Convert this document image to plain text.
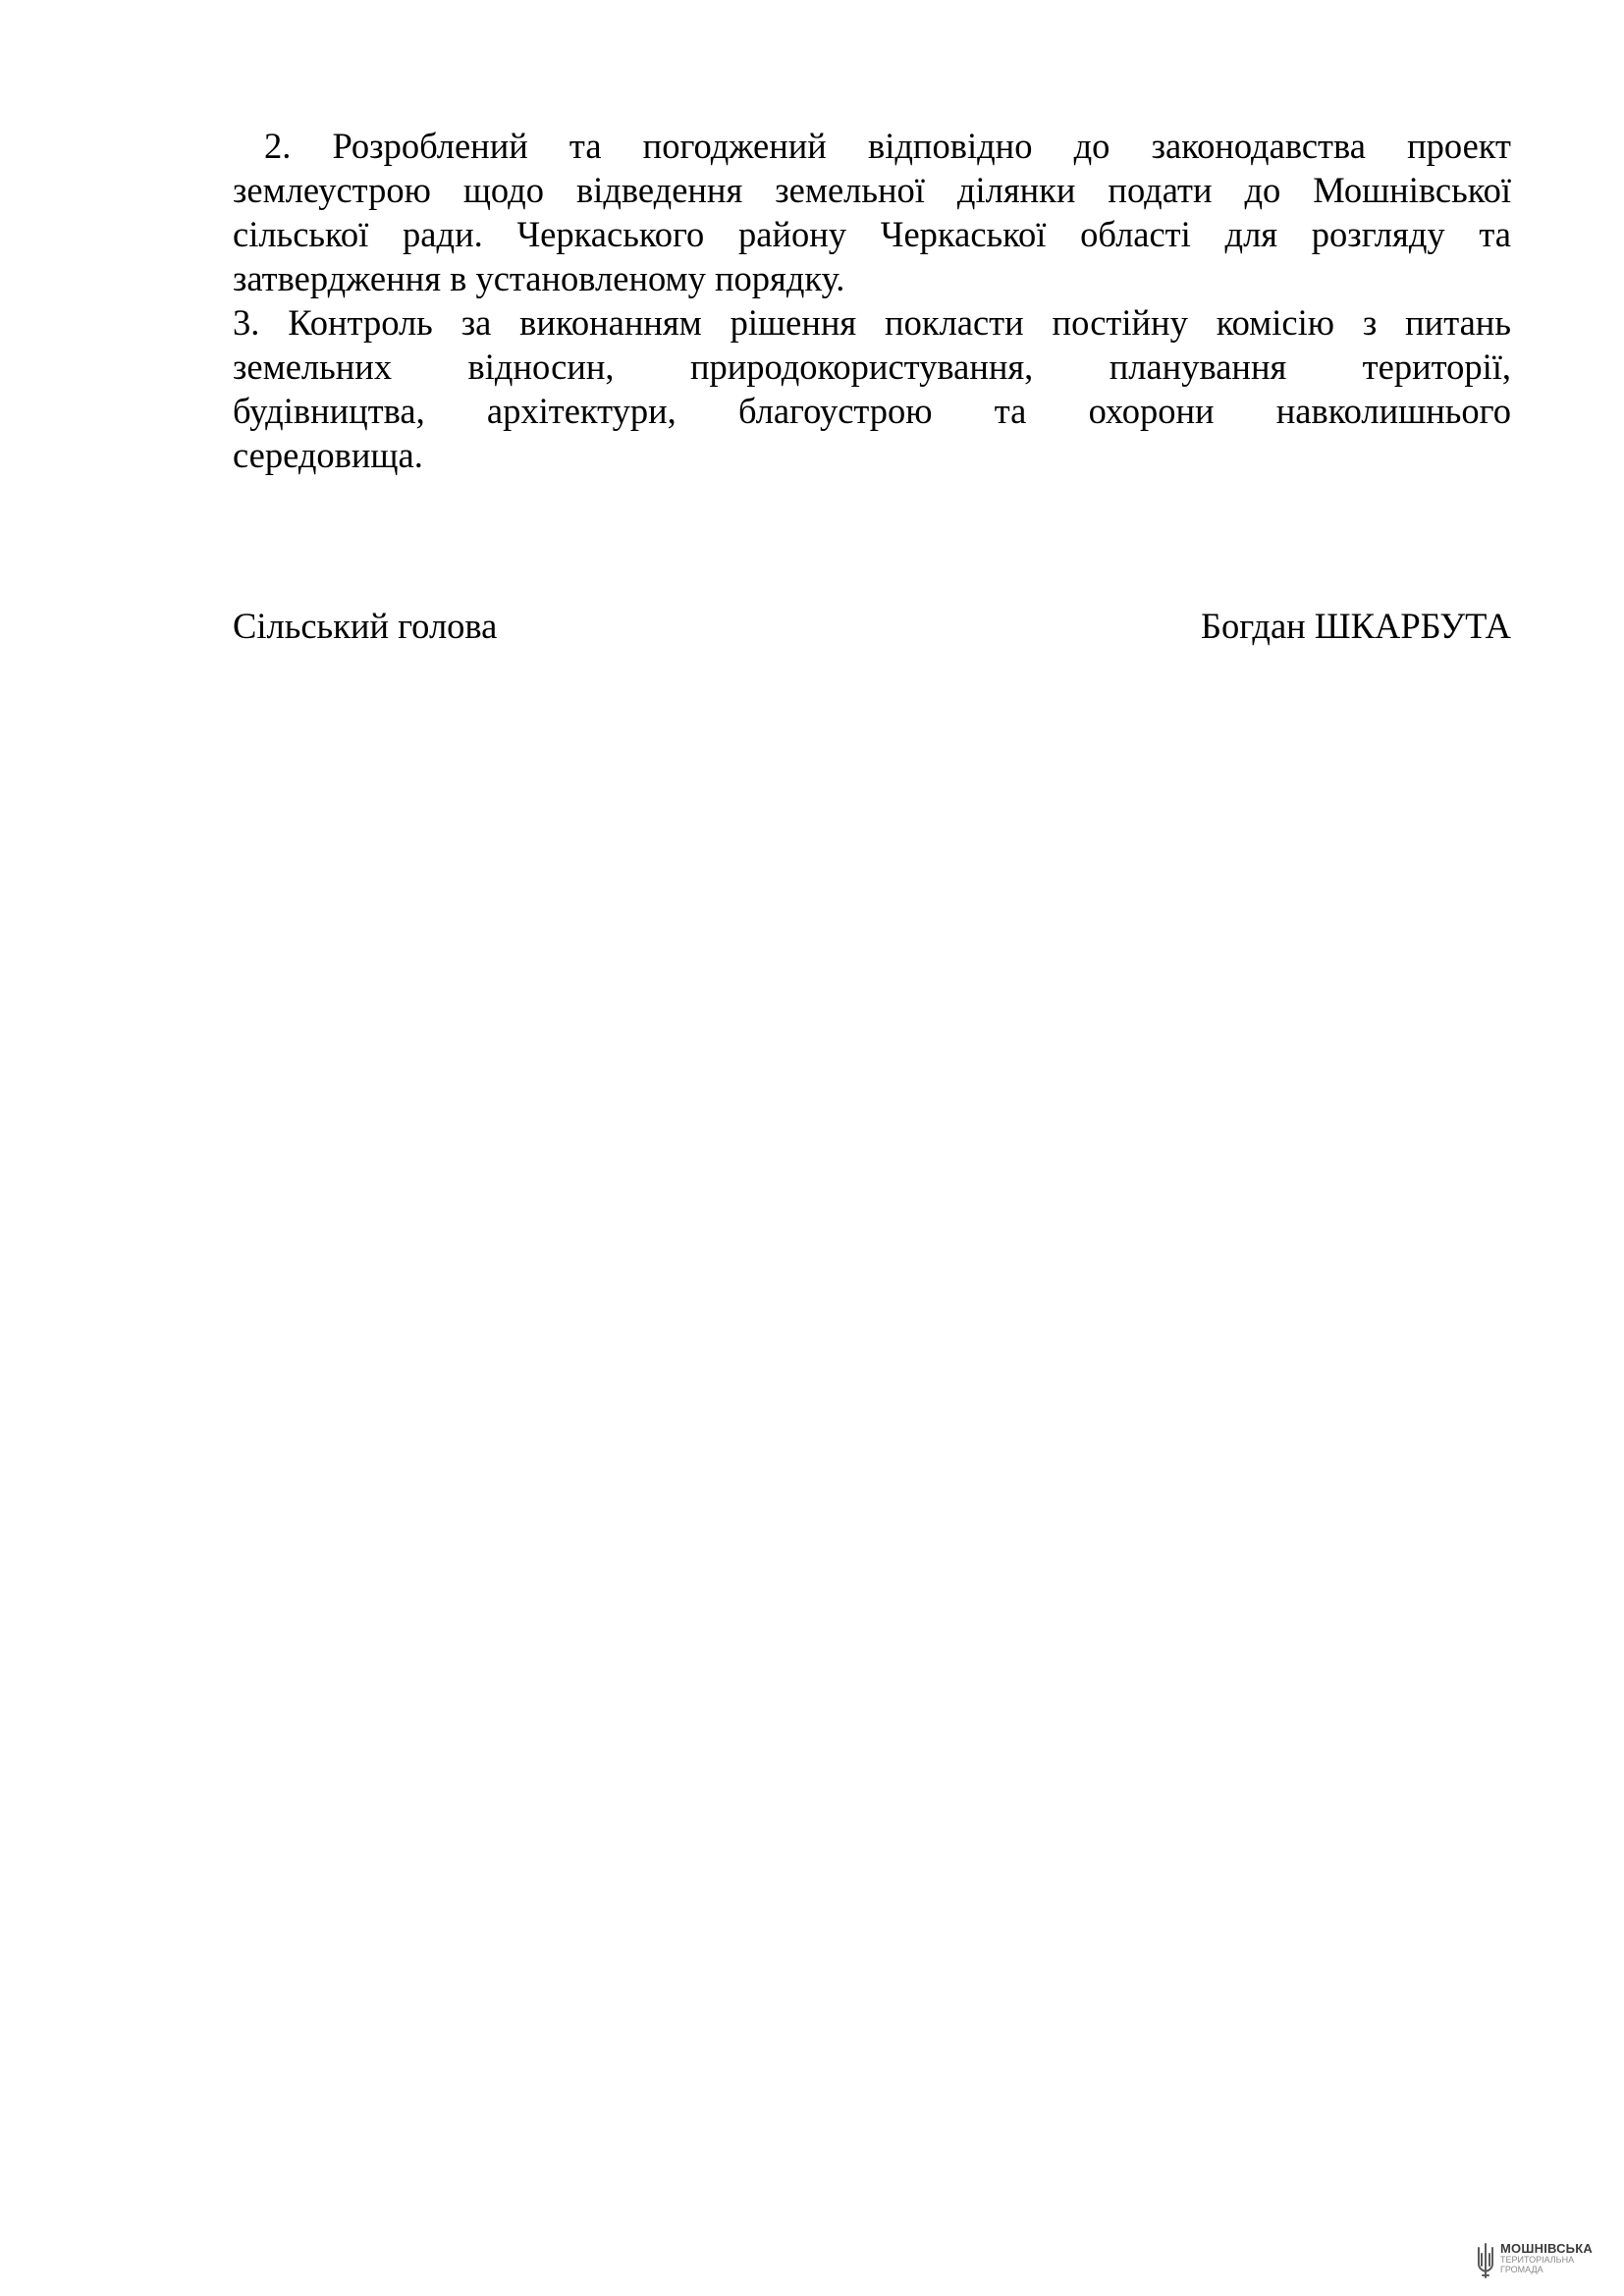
2. Розроблений та погоджений відповідно до законодавства проект
землеустрою щодо відведення земельної ділянки подати до Мошнівської
сільської ради. Черкаського району Черкаської області для розгляду та
затвердження в установленому порядку.
3. Контроль за виконанням рішення покласти постійну комісію з питань
земельних відносин, природокористування, планування території,
будівництва, архітектури, благоустрою та охорони навколишнього
середовища.
Сільський голова	Богдан ШКАРБУТА
МОШНІВСЬКА
ТЕРИТОРІАЛЬНА
ГРОМАДА
